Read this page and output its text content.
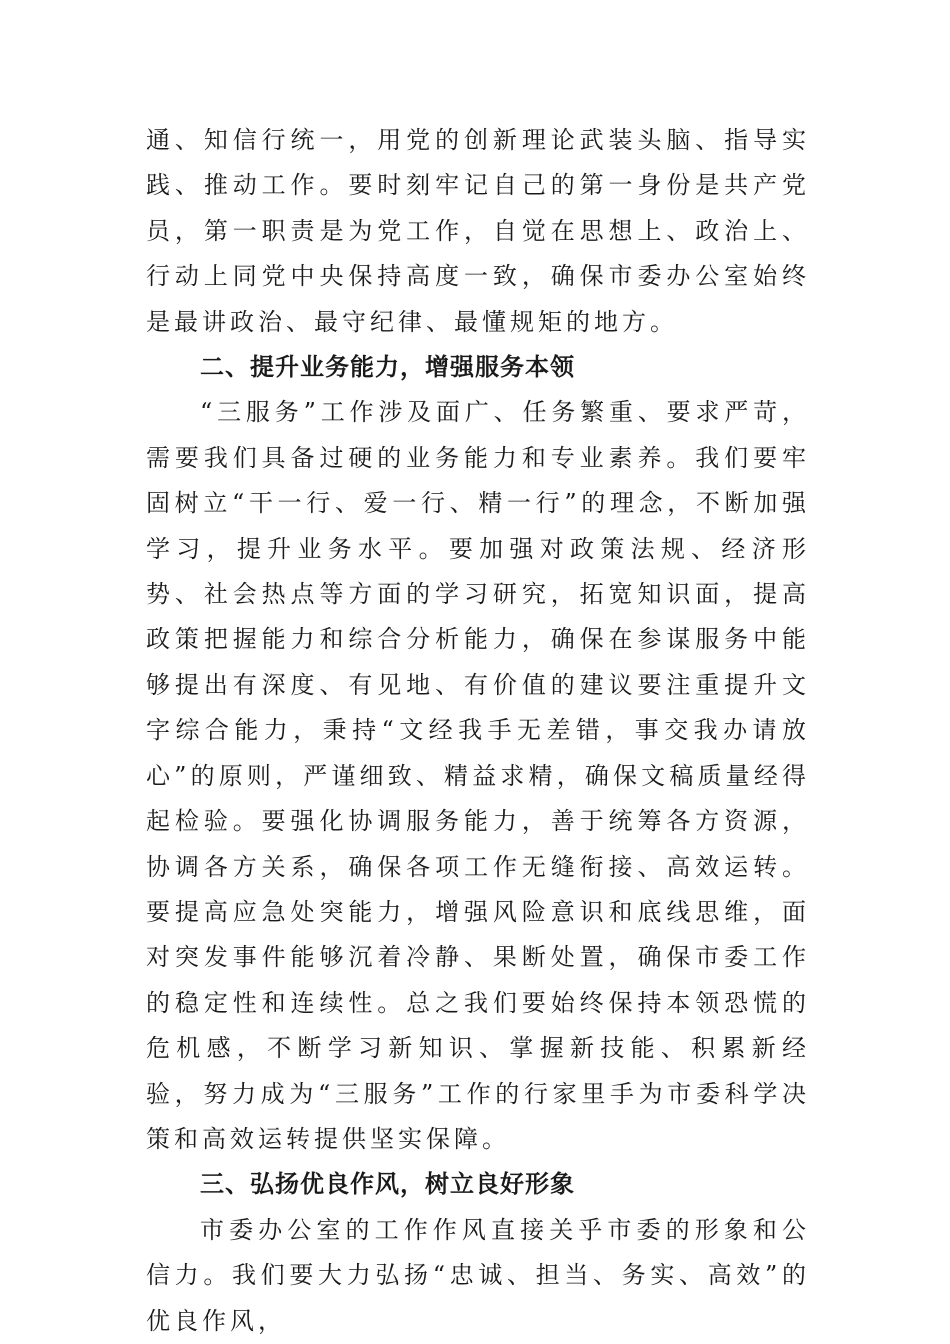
通、知信行统一，用党的创新理论武装头脑、指导实践、推动工作。要时刻牢记自己的第一身份是共产党员，第一职责是为党工作，自觉在思想上、政治上、行动上同党中央保持高度一致，确保市委办公室始终是最讲政治、最守纪律、最懂规矩的地方。

二、提升业务能力，增强服务本领

“三服务”工作涉及面广、任务繁重、要求严苛，需要我们具备过硬的业务能力和专业素养。我们要牢固树立“干一行、爱一行、精一行”的理念，不断加强学习，提升业务水平。要加强对政策法规、经济形势、社会热点等方面的学习研究，拓宽知识面，提高政策把握能力和综合分析能力，确保在参谋服务中能够提出有深度、有见地、有价值的建议要注重提升文字综合能力，秉持“文经我手无差错，事交我办请放心”的原则，严谨细致、精益求精，确保文稿质量经得起检验。要强化协调服务能力，善于统筹各方资源，协调各方关系，确保各项工作无缝衔接、高效运转。要提高应急处突能力，增强风险意识和底线思维，面对突发事件能够沉着冷静、果断处置，确保市委工作的稳定性和连续性。总之我们要始终保持本领恐慌的危机感，不断学习新知识、掌握新技能、积累新经验，努力成为“三服务”工作的行家里手为市委科学决策和高效运转提供坚实保障。

三、弘扬优良作风，树立良好形象

市委办公室的工作作风直接关乎市委的形象和公信力。我们要大力弘扬“忠诚、担当、务实、高效”的优良作风，
